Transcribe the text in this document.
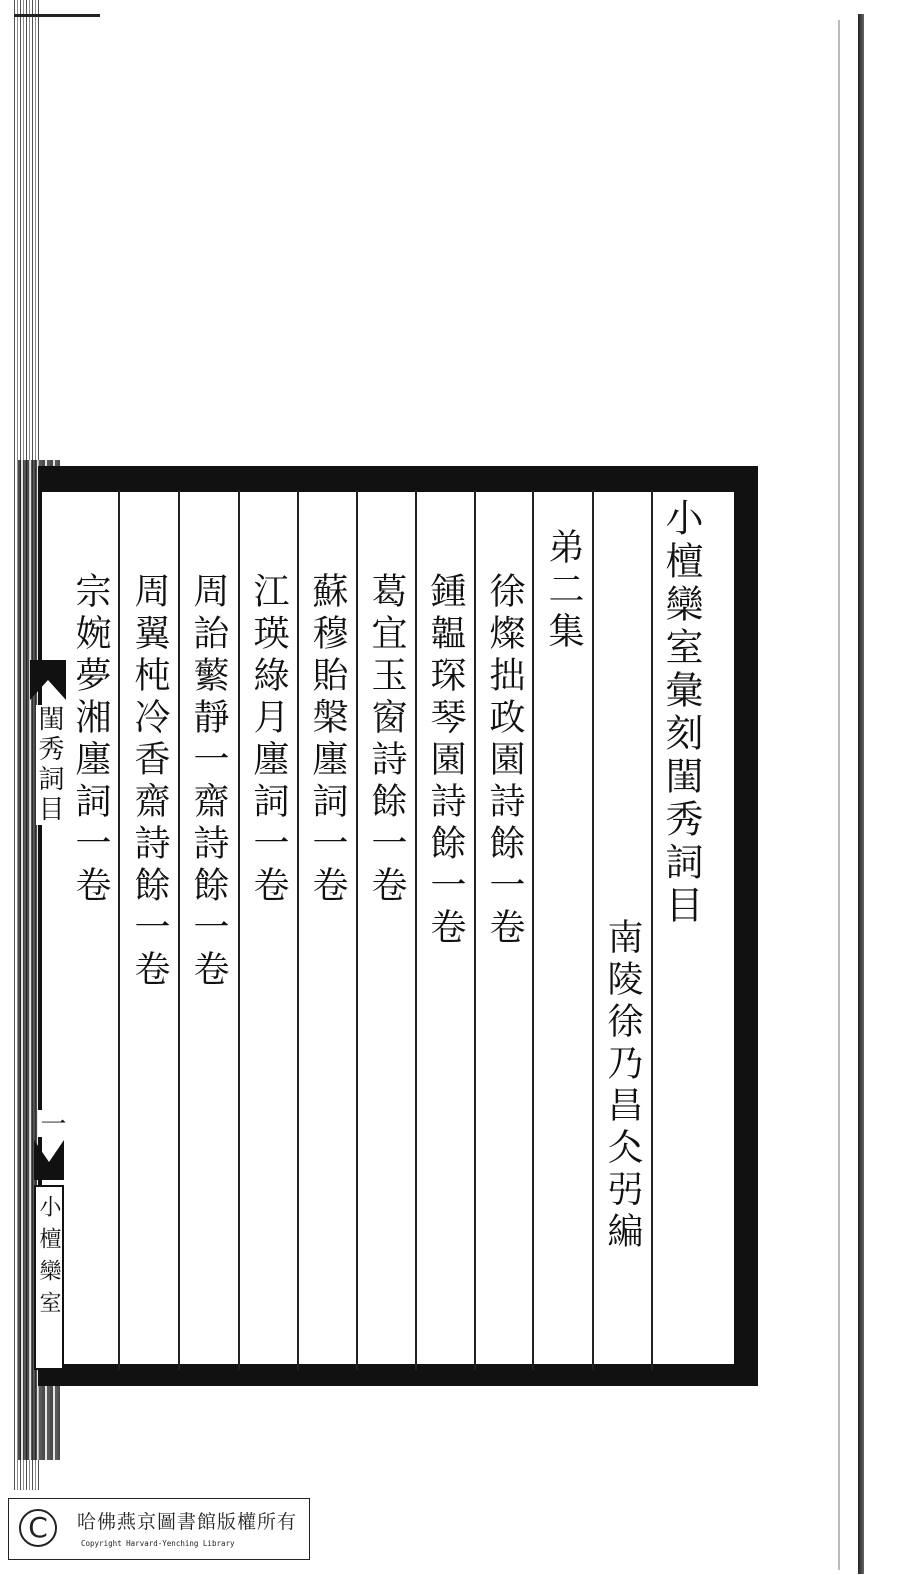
小檀欒室彙刻閨秀詞目
南陵徐乃昌仌弜編
弟二集
徐燦拙政園詩餘一卷
鍾韞琛琴園詩餘一卷
葛宜玉窗詩餘一卷
蘇穆貽槃廛詞一卷
江瑛綠月廛詞一卷
周詒蘩靜一齋詩餘一卷
周翼杶冷香齋詩餘一卷
宗婉夢湘廛詞一卷
閨秀詞目
一
小檀欒室
C	哈佛燕京圖書館版權所有
Copyright Harvard-Yenching Library
